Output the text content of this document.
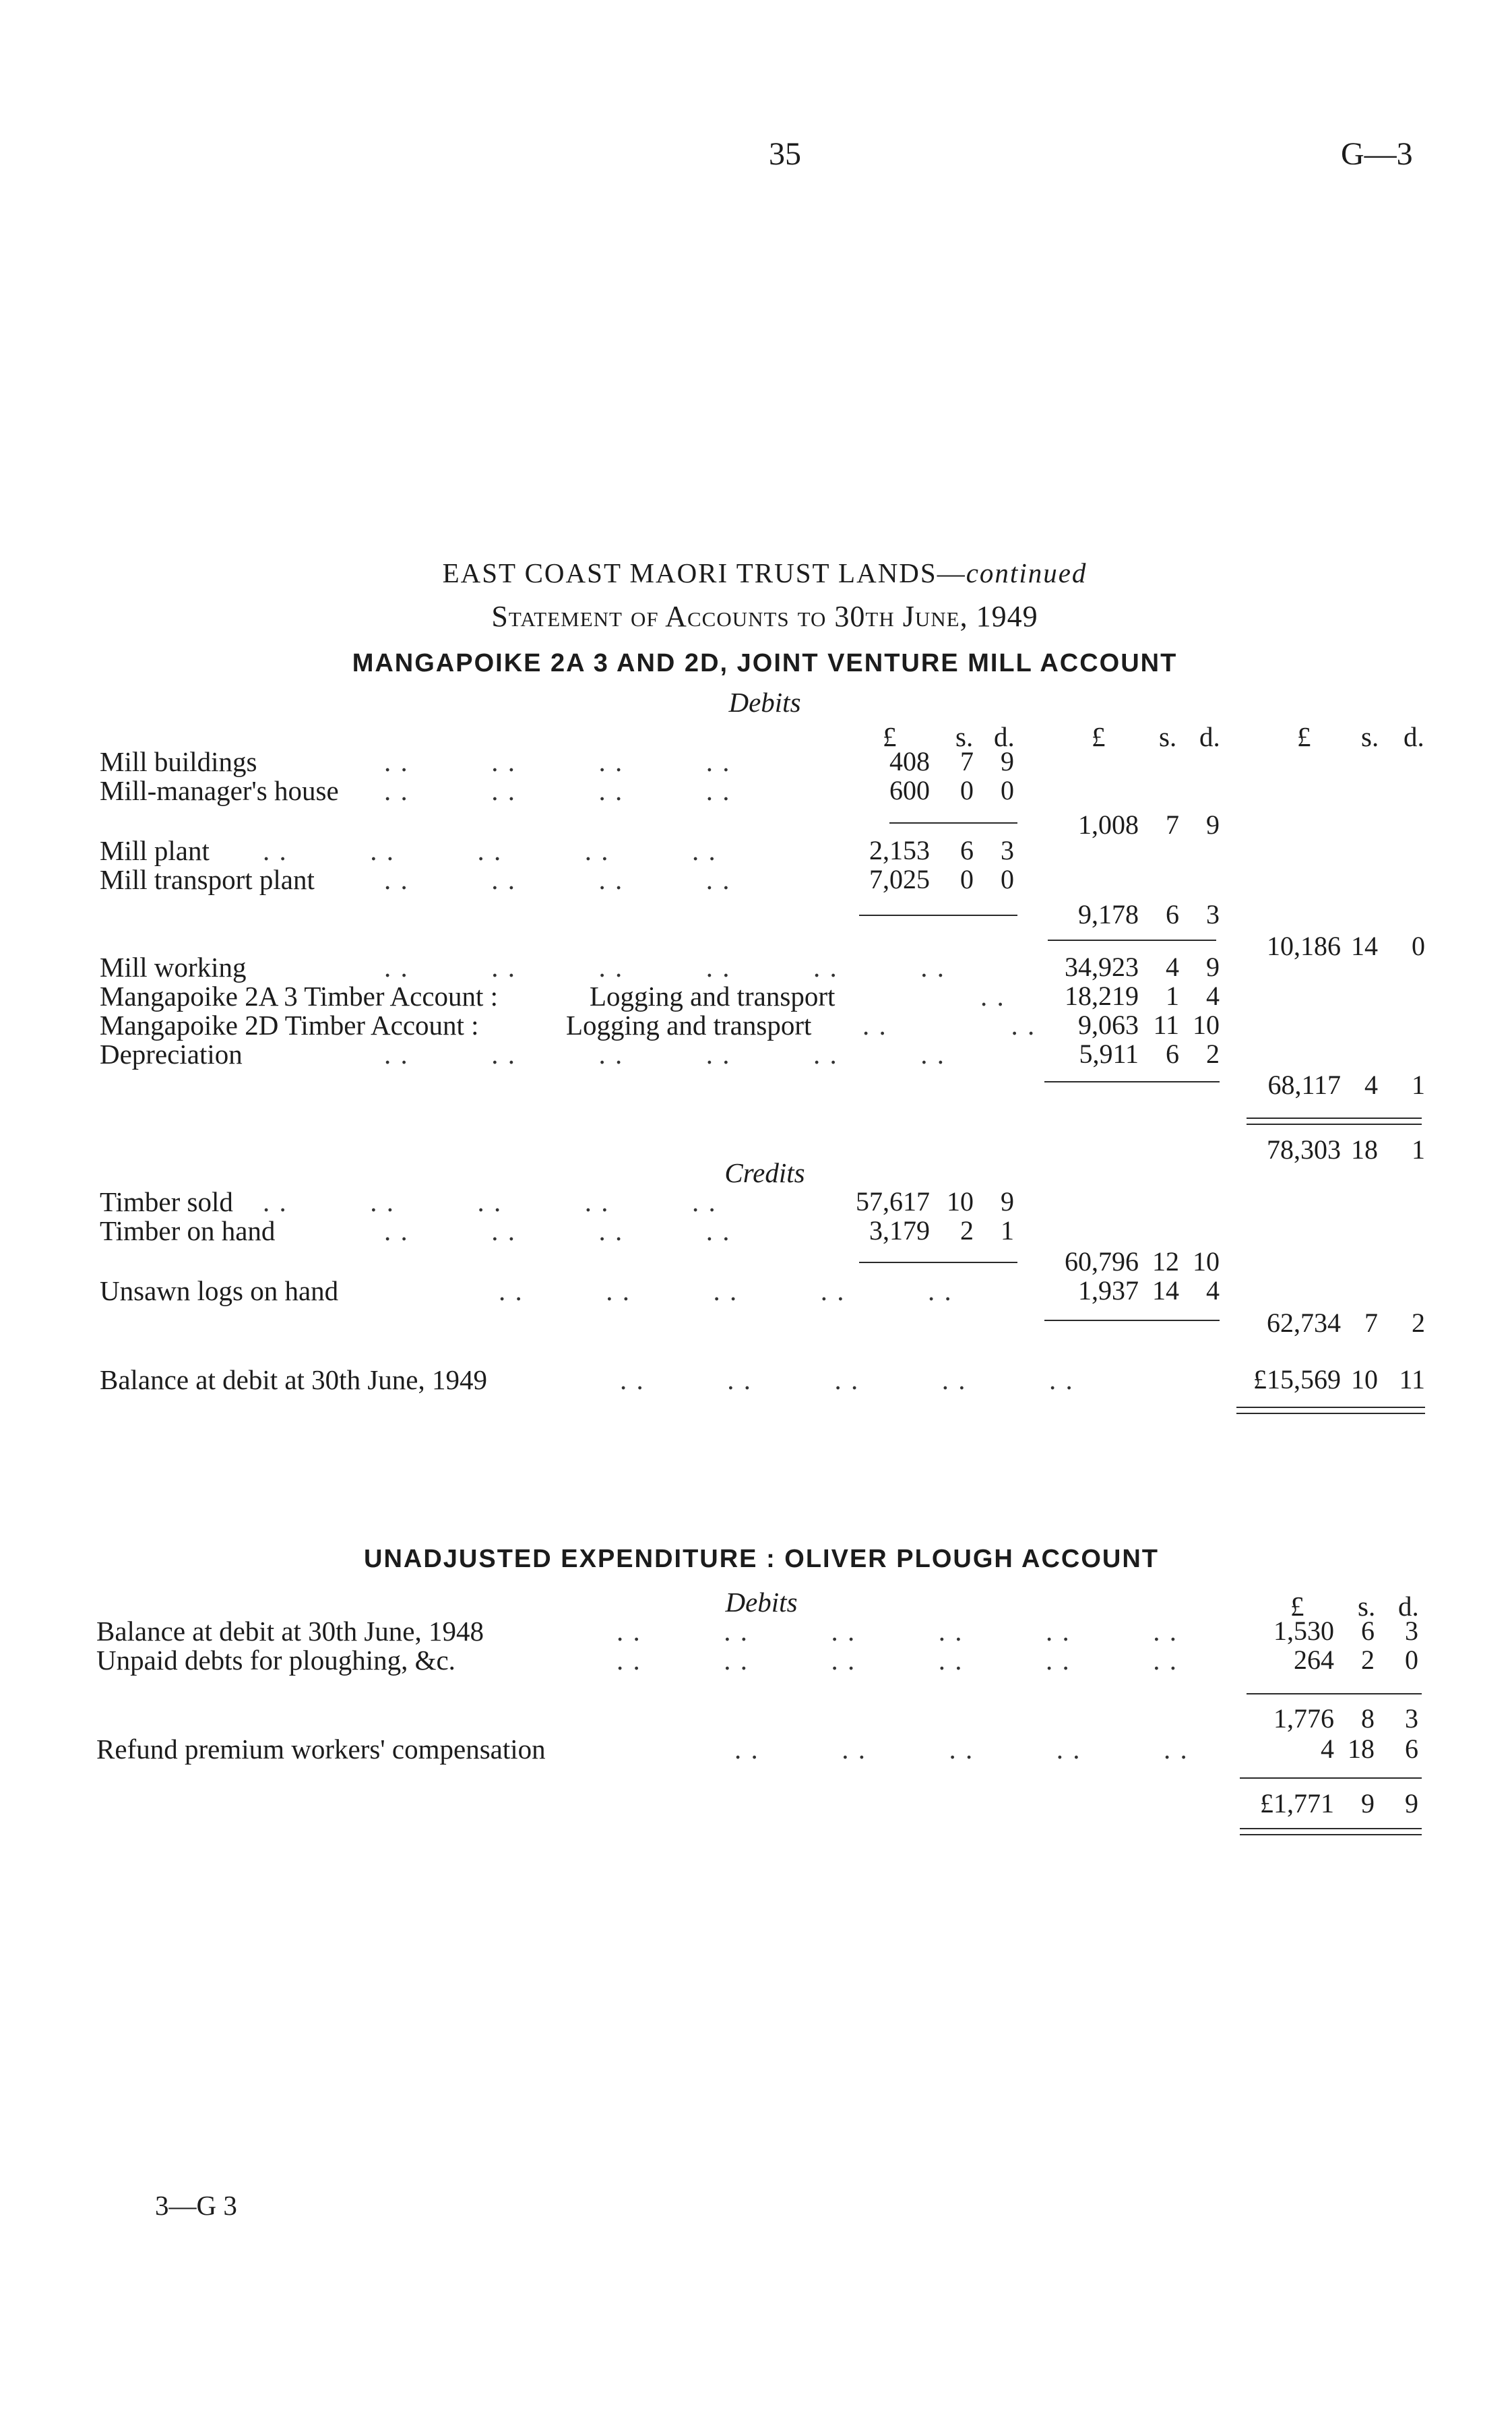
35	G—3
EAST COAST MAORI TRUST LANDS—continued
Statement of Accounts to 30th June, 1949
MANGAPOIKE 2A 3 AND 2D, JOINT VENTURE MILL ACCOUNT
Debits
£ s. d.	£ s. d.	£ s. d.
Mill buildings	. .          . .          . .          . .	408	7	9
Mill-manager's house . .          . .          . .          . .	600	0	0
1,008	7	9
Mill plant . .          . .          . .          . .          . .	2,153	6	3
Mill transport plant	. .          . .          . .          . .	7,025	0	0
9,178	6	3
10,186 14	0
Mill working	. .          . .          . .          . .          . .          . .	34,923	4	9
Mangapoike 2A 3 Timber Account :	Logging and transport	. .	18,219	1	4
Mangapoike 2D Timber Account :	Logging and transport . .               . .	9,063 11 10
Depreciation	. .          . .          . .          . .          . .          . .	5,911	6	2
68,117 4	1
78,303 18	1
Credits
Timber sold . .          . .          . .          . .          . .	57,617 10	9
Timber on hand	. .          . .          . .          . .	3,179	2	1
60,796 12 10
Unsawn logs on hand	. .          . .          . .          . .          . .	1,937 14	4
62,734 7	2
Balance at debit at 30th June, 1949	. .          . .          . .          . .          . .	£15,569 10 11
UNADJUSTED EXPENDITURE : OLIVER PLOUGH ACCOUNT
Debits	£ s. d.
Balance at debit at 30th June, 1948	. .          . .          . .          . .          . .          . .	1,530	6	3
Unpaid debts for ploughing, &c.	. .          . .          . .          . .          . .          . .	264	2	0
1,776	8	3
Refund premium workers' compensation	. .          . .          . .          . .          . .	4 18	6
£1,771	9	9
3—G 3
